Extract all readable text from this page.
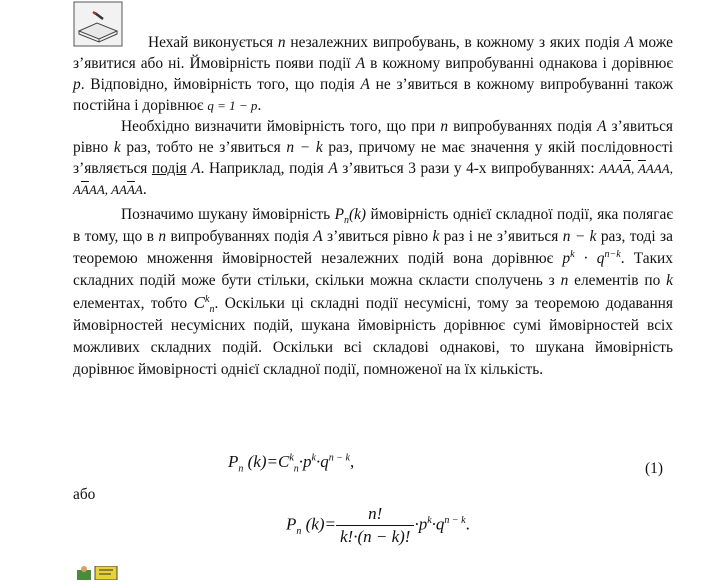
Нехай виконується n незалежних випробувань, в кожному з яких подія A може з’явитися або ні. Ймовірність появи події A в кожному випробуванні однакова і дорівнює p. Відповідно, ймовірність того, що подія A не з’явиться в кожному випробуванні також постійна і дорівнює q = 1 − p.

Необхідно визначити ймовірність того, що при n випробуваннях подія A з’явиться рівно k раз, тобто не з’явиться n − k раз, причому не має значення у якій послідовності з’являється подія A. Наприклад, подія A з’явиться 3 рази у 4-х випробуваннях: $AAA\overline{A}$, $\overline{A}AAA$, $A\overline{A}AA$, $AA\overline{A}A$.

Позначимо шукану ймовірність $P_n(k)$ ймовірність однієї складної події, яка полягає в тому, що в n випробуваннях подія A з’явиться рівно k раз і не з’явиться n − k раз, тоді за теоремою множення ймовірностей незалежних подій вона дорівнює $p^k \cdot q^{n-k}$. Таких складних подій може бути стільки, скільки можна скласти сполучень з n елементів по k елементах, тобто $C^k_n$. Оскільки ці складні події несумісні, тому за теоремою додавання ймовірностей несумісних подій, шукана ймовірність дорівнює сумі ймовірностей всіх можливих складних подій. Оскільки всі складові однакові, то шукана ймовірність дорівнює ймовірності однієї складної події, помноженої на їх кількість.

$P_n$ $(k)=C^k_n\cdot p^k\cdot q^{n - k}$,	(1)
або
$P_n$ $(k)= \frac{n!}{k!\cdot(n - k)!} \cdot p^k\cdot q^{n - k}$.
